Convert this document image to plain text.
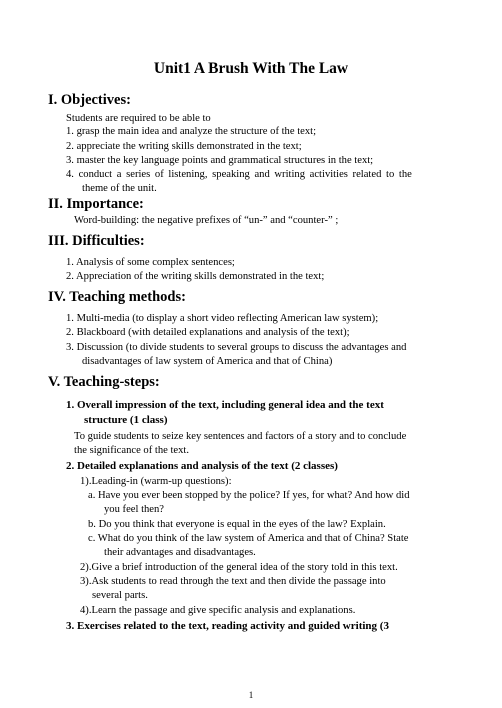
Unit1 A Brush With The Law
I. Objectives:
Students are required to be able to
1. grasp the main idea and analyze the structure of the text;
2. appreciate the writing skills demonstrated in the text;
3. master the key language points and grammatical structures in the text;
4. conduct a series of listening, speaking and writing activities related to the
theme of the unit.
II. Importance:
Word-building: the negative prefixes of “un-” and “counter-” ;
III. Difficulties:
1. Analysis of some complex sentences;
2. Appreciation of the writing skills demonstrated in the text;
IV. Teaching methods:
1. Multi-media (to display a short video reflecting American law system);
2. Blackboard (with detailed explanations and analysis of the text);
3. Discussion (to divide students to several groups to discuss the advantages and
disadvantages of law system of America and that of China)
V. Teaching-steps:
1. Overall impression of the text, including general idea and the text
structure (1 class)
To guide students to seize key sentences and factors of a story and to conclude
the significance of the text.
2. Detailed explanations and analysis of the text (2 classes)
1).Leading-in (warm-up questions):
a. Have you ever been stopped by the police? If yes, for what? And how did
you feel then?
b. Do you think that everyone is equal in the eyes of the law? Explain.
c. What do you think of the law system of America and that of China? State
their advantages and disadvantages.
2).Give a brief introduction of the general idea of the story told in this text.
3).Ask students to read through the text and then divide the passage into
several parts.
4).Learn the passage and give specific analysis and explanations.
3. Exercises related to the text, reading activity and guided writing (3
1
